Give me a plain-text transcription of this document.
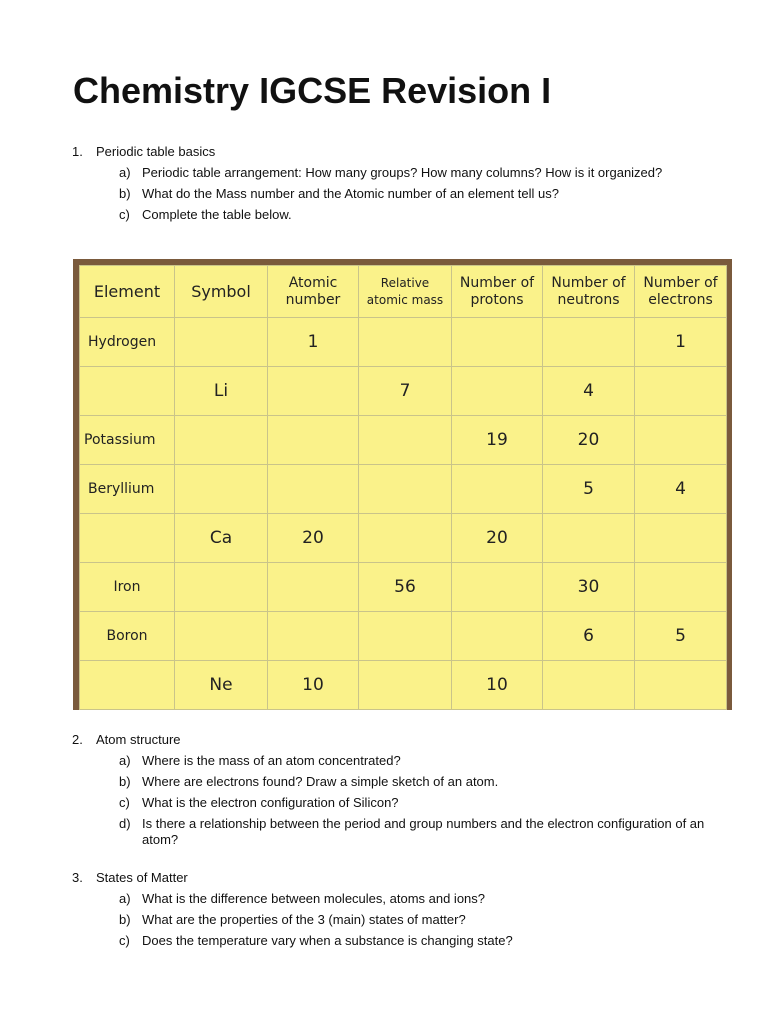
Chemistry IGCSE Revision I
1. Periodic table basics
a) Periodic table arrangement: How many groups? How many columns? How is it organized?
b) What do the Mass number and the Atomic number of an element tell us?
c) Complete the table below.
Element	Symbol	Atomic number	Relative atomic mass	Number of protons	Number of neutrons	Number of electrons
Hydrogen		1				1
	Li		7		4	
Potassium				19	20	
Beryllium					5	4
	Ca	20		20		
Iron			56		30	
Boron					6	5
	Ne	10		10		
2. Atom structure
a) Where is the mass of an atom concentrated?
b) Where are electrons found? Draw a simple sketch of an atom.
c) What is the electron configuration of Silicon?
d) Is there a relationship between the period and group numbers and the electron configuration of an atom?
3. States of Matter
a) What is the difference between molecules, atoms and ions?
b) What are the properties of the 3 (main) states of matter?
c) Does the temperature vary when a substance is changing state?
